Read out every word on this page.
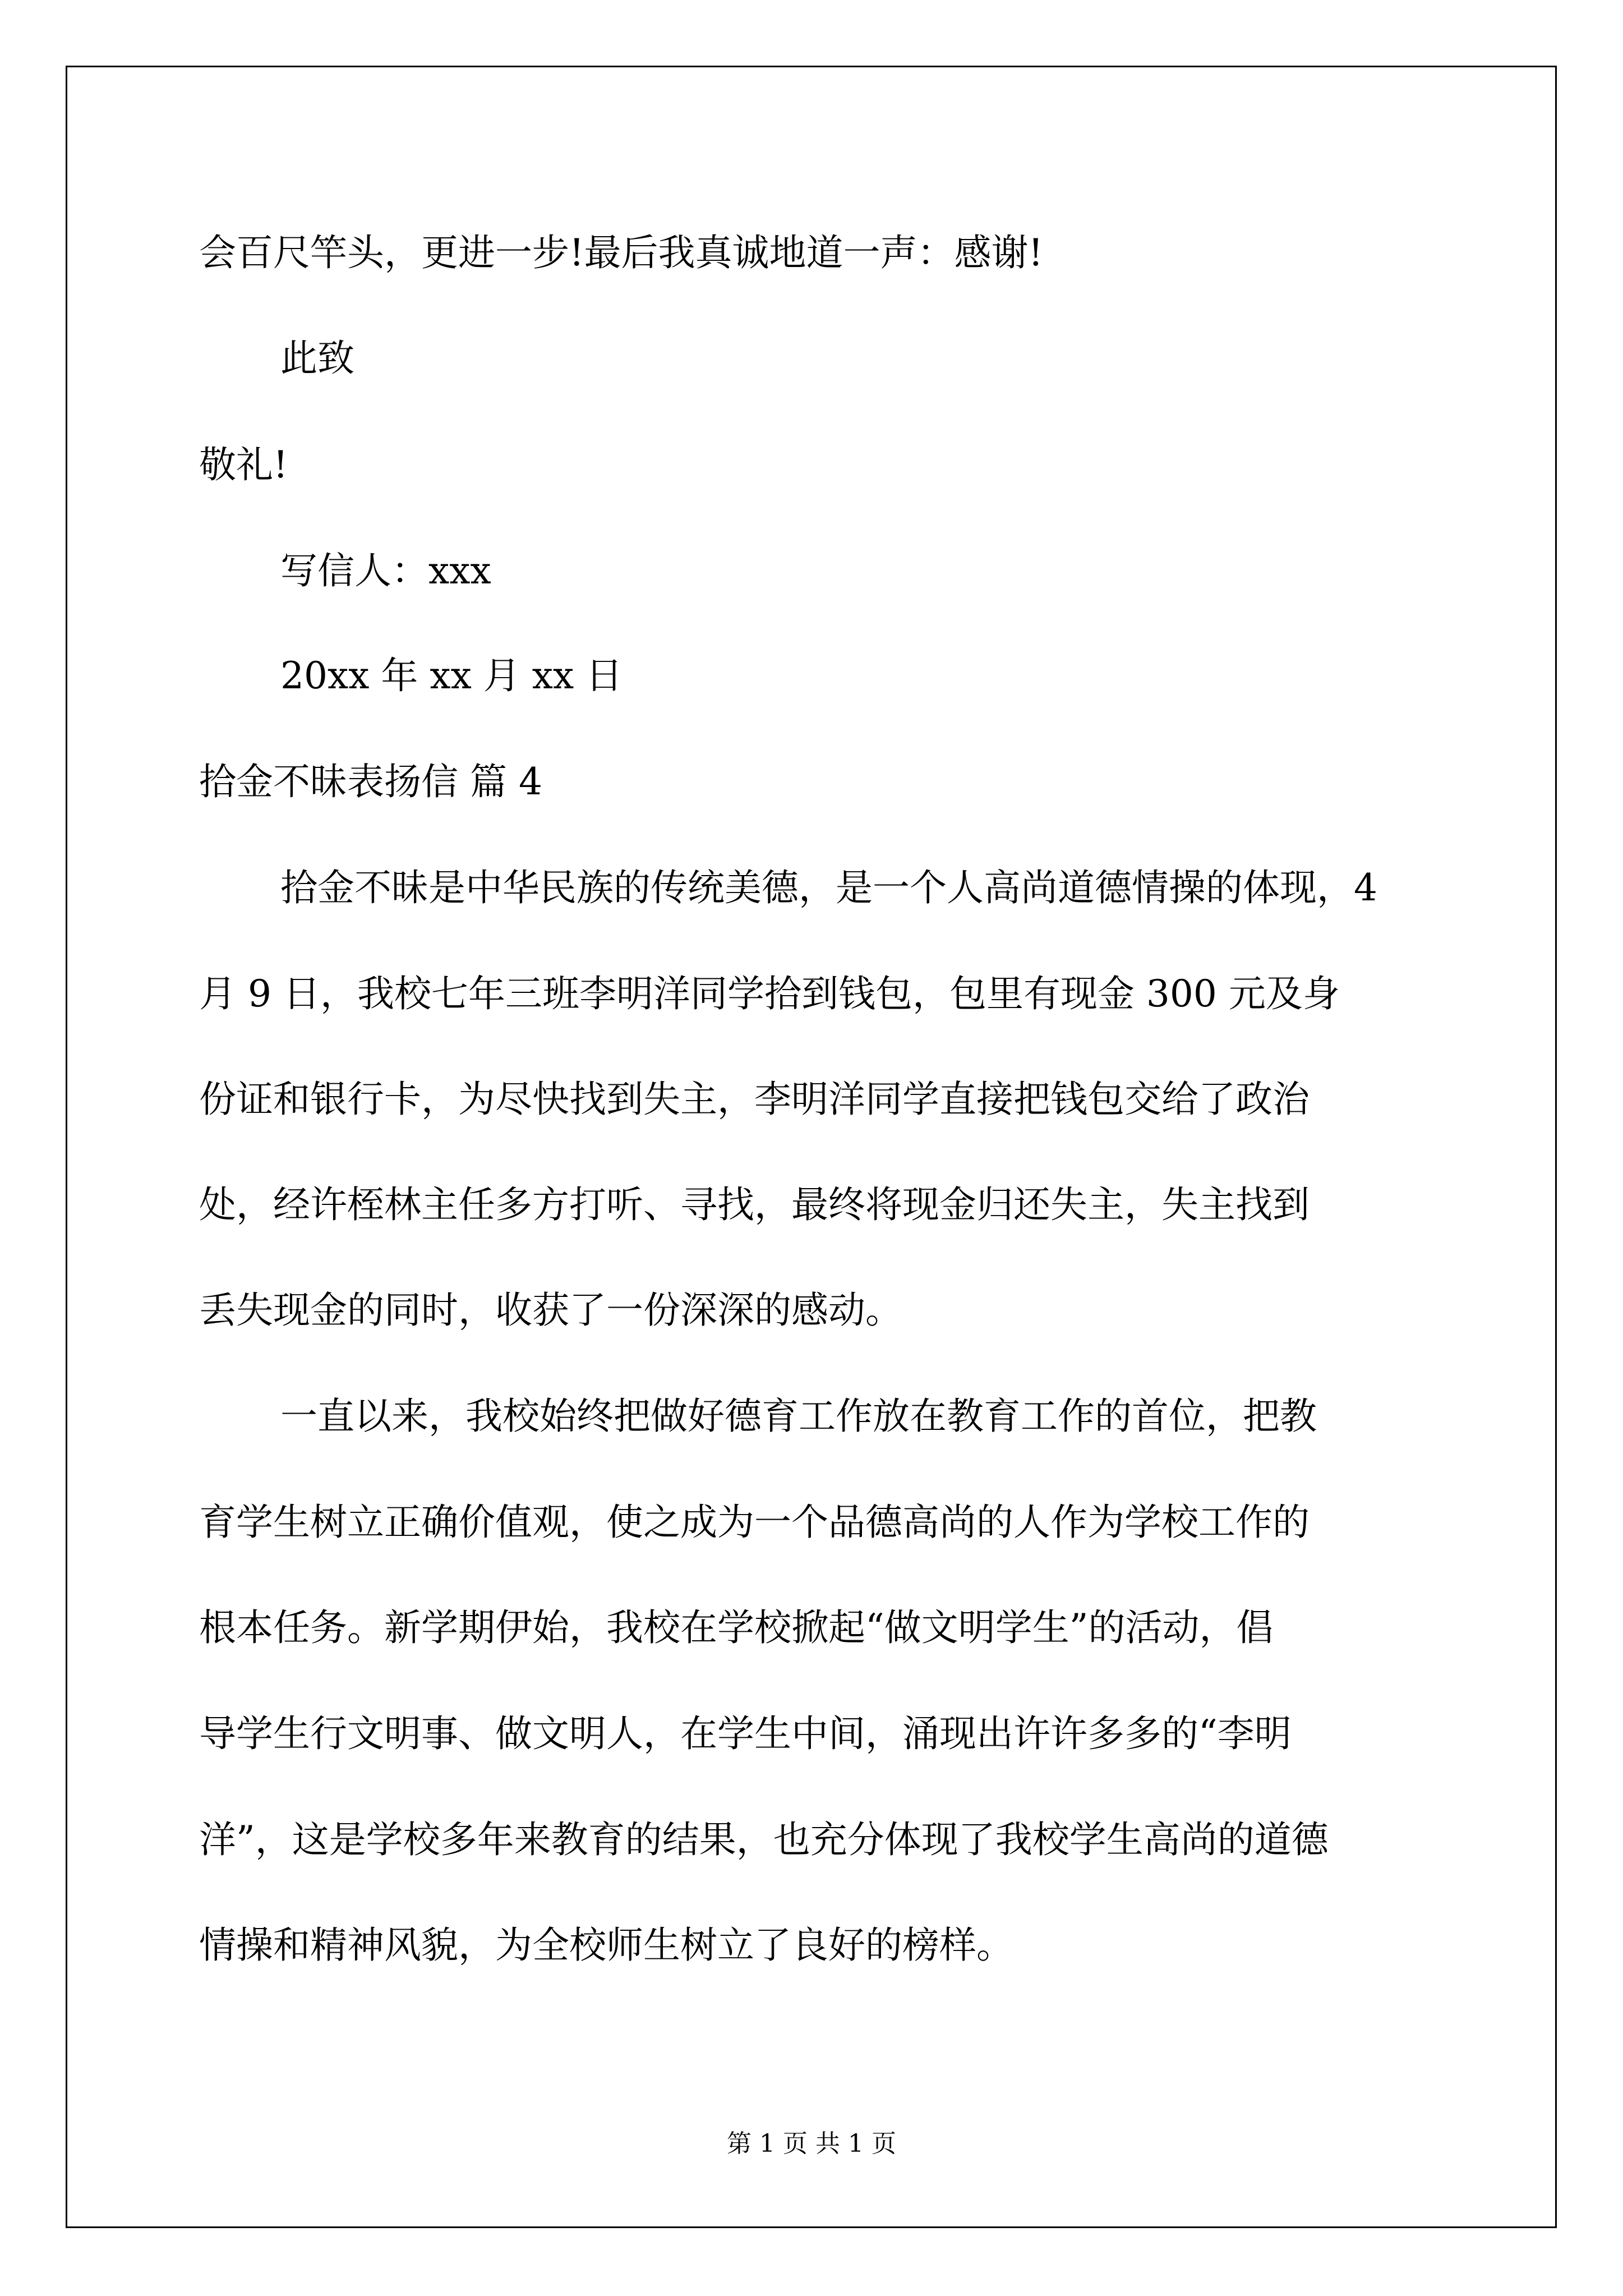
会百尺竿头，更进一步!最后我真诚地道一声：感谢!
此致
敬礼!
写信人：xxx
20xx 年 xx 月 xx 日
拾金不昧表扬信 篇 4
拾金不昧是中华民族的传统美德，是一个人高尚道德情操的体现，4
月 9 日，我校七年三班李明洋同学拾到钱包，包里有现金 300 元及身
份证和银行卡，为尽快找到失主，李明洋同学直接把钱包交给了政治
处，经许桎林主任多方打听、寻找，最终将现金归还失主，失主找到
丢失现金的同时，收获了一份深深的感动。
一直以来，我校始终把做好德育工作放在教育工作的首位，把教
育学生树立正确价值观，使之成为一个品德高尚的人作为学校工作的
根本任务。新学期伊始，我校在学校掀起“做文明学生”的活动，倡
导学生行文明事、做文明人，在学生中间，涌现出许许多多的“李明
洋”，这是学校多年来教育的结果，也充分体现了我校学生高尚的道德
情操和精神风貌，为全校师生树立了良好的榜样。
第 1 页 共 1 页
